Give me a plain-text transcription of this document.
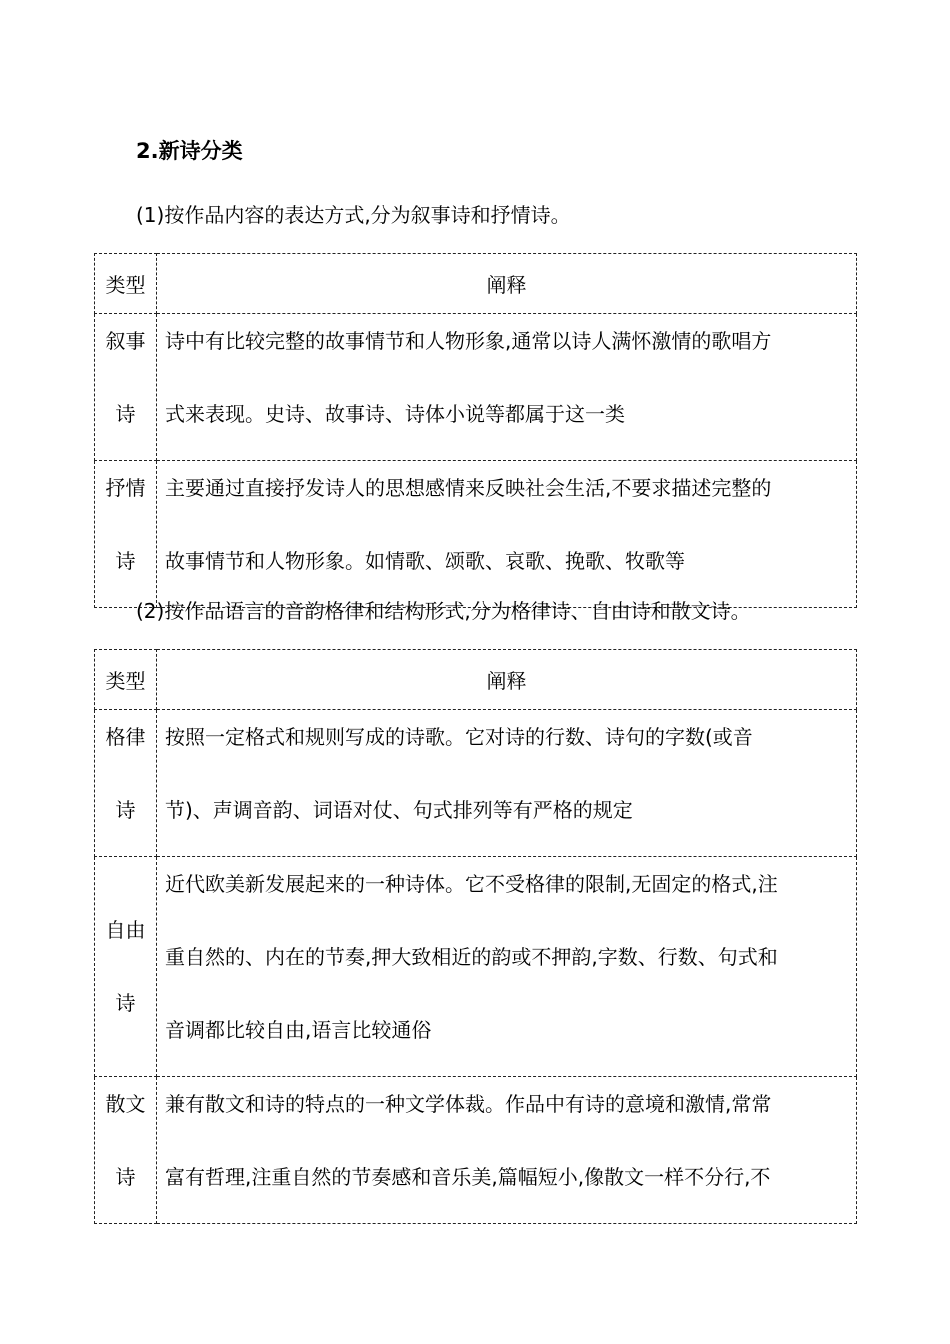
2.新诗分类
(1)按作品内容的表达方式,分为叙事诗和抒情诗。
类型	阐释

叙事
诗	诗中有比较完整的故事情节和人物形象,通常以诗人满怀激情的歌唱方
式来表现。史诗、故事诗、诗体小说等都属于这一类

抒情
诗	主要通过直接抒发诗人的思想感情来反映社会生活,不要求描述完整的
故事情节和人物形象。如情歌、颂歌、哀歌、挽歌、牧歌等
(2)按作品语言的音韵格律和结构形式,分为格律诗、自由诗和散文诗。
类型	阐释

格律
诗	按照一定格式和规则写成的诗歌。它对诗的行数、诗句的字数(或音
节)、声调音韵、词语对仗、句式排列等有严格的规定

自由
诗	近代欧美新发展起来的一种诗体。它不受格律的限制,无固定的格式,注
重自然的、内在的节奏,押大致相近的韵或不押韵,字数、行数、句式和
音调都比较自由,语言比较通俗

散文
诗	兼有散文和诗的特点的一种文学体裁。作品中有诗的意境和激情,常常
富有哲理,注重自然的节奏感和音乐美,篇幅短小,像散文一样不分行,不
